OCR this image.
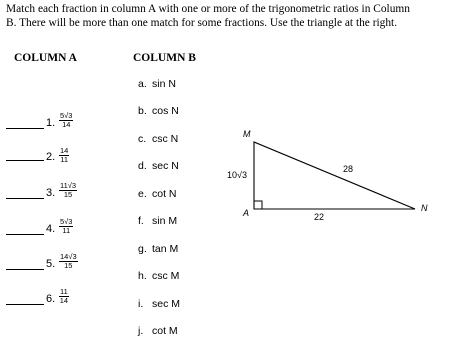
Match each fraction in column A with one or more of the trigonometric ratios in Column
B. There will be more than one match for some fractions. Use the triangle at the right.
COLUMN A	COLUMN B
1. $\frac{5√3}{14}$
2. $\frac{14}{11}$
3. $\frac{11√3}{15}$
4. $\frac{5√3}{11}$
5. $\frac{14√3}{15}$
6. $\frac{11}{14}$
a. sin N
b. cos N
c. csc N
d. sec N
e. cot N
f. sin M
g. tan M
h. csc M
i. sec M
j. cot M
M
A	N
10√3
28
22
